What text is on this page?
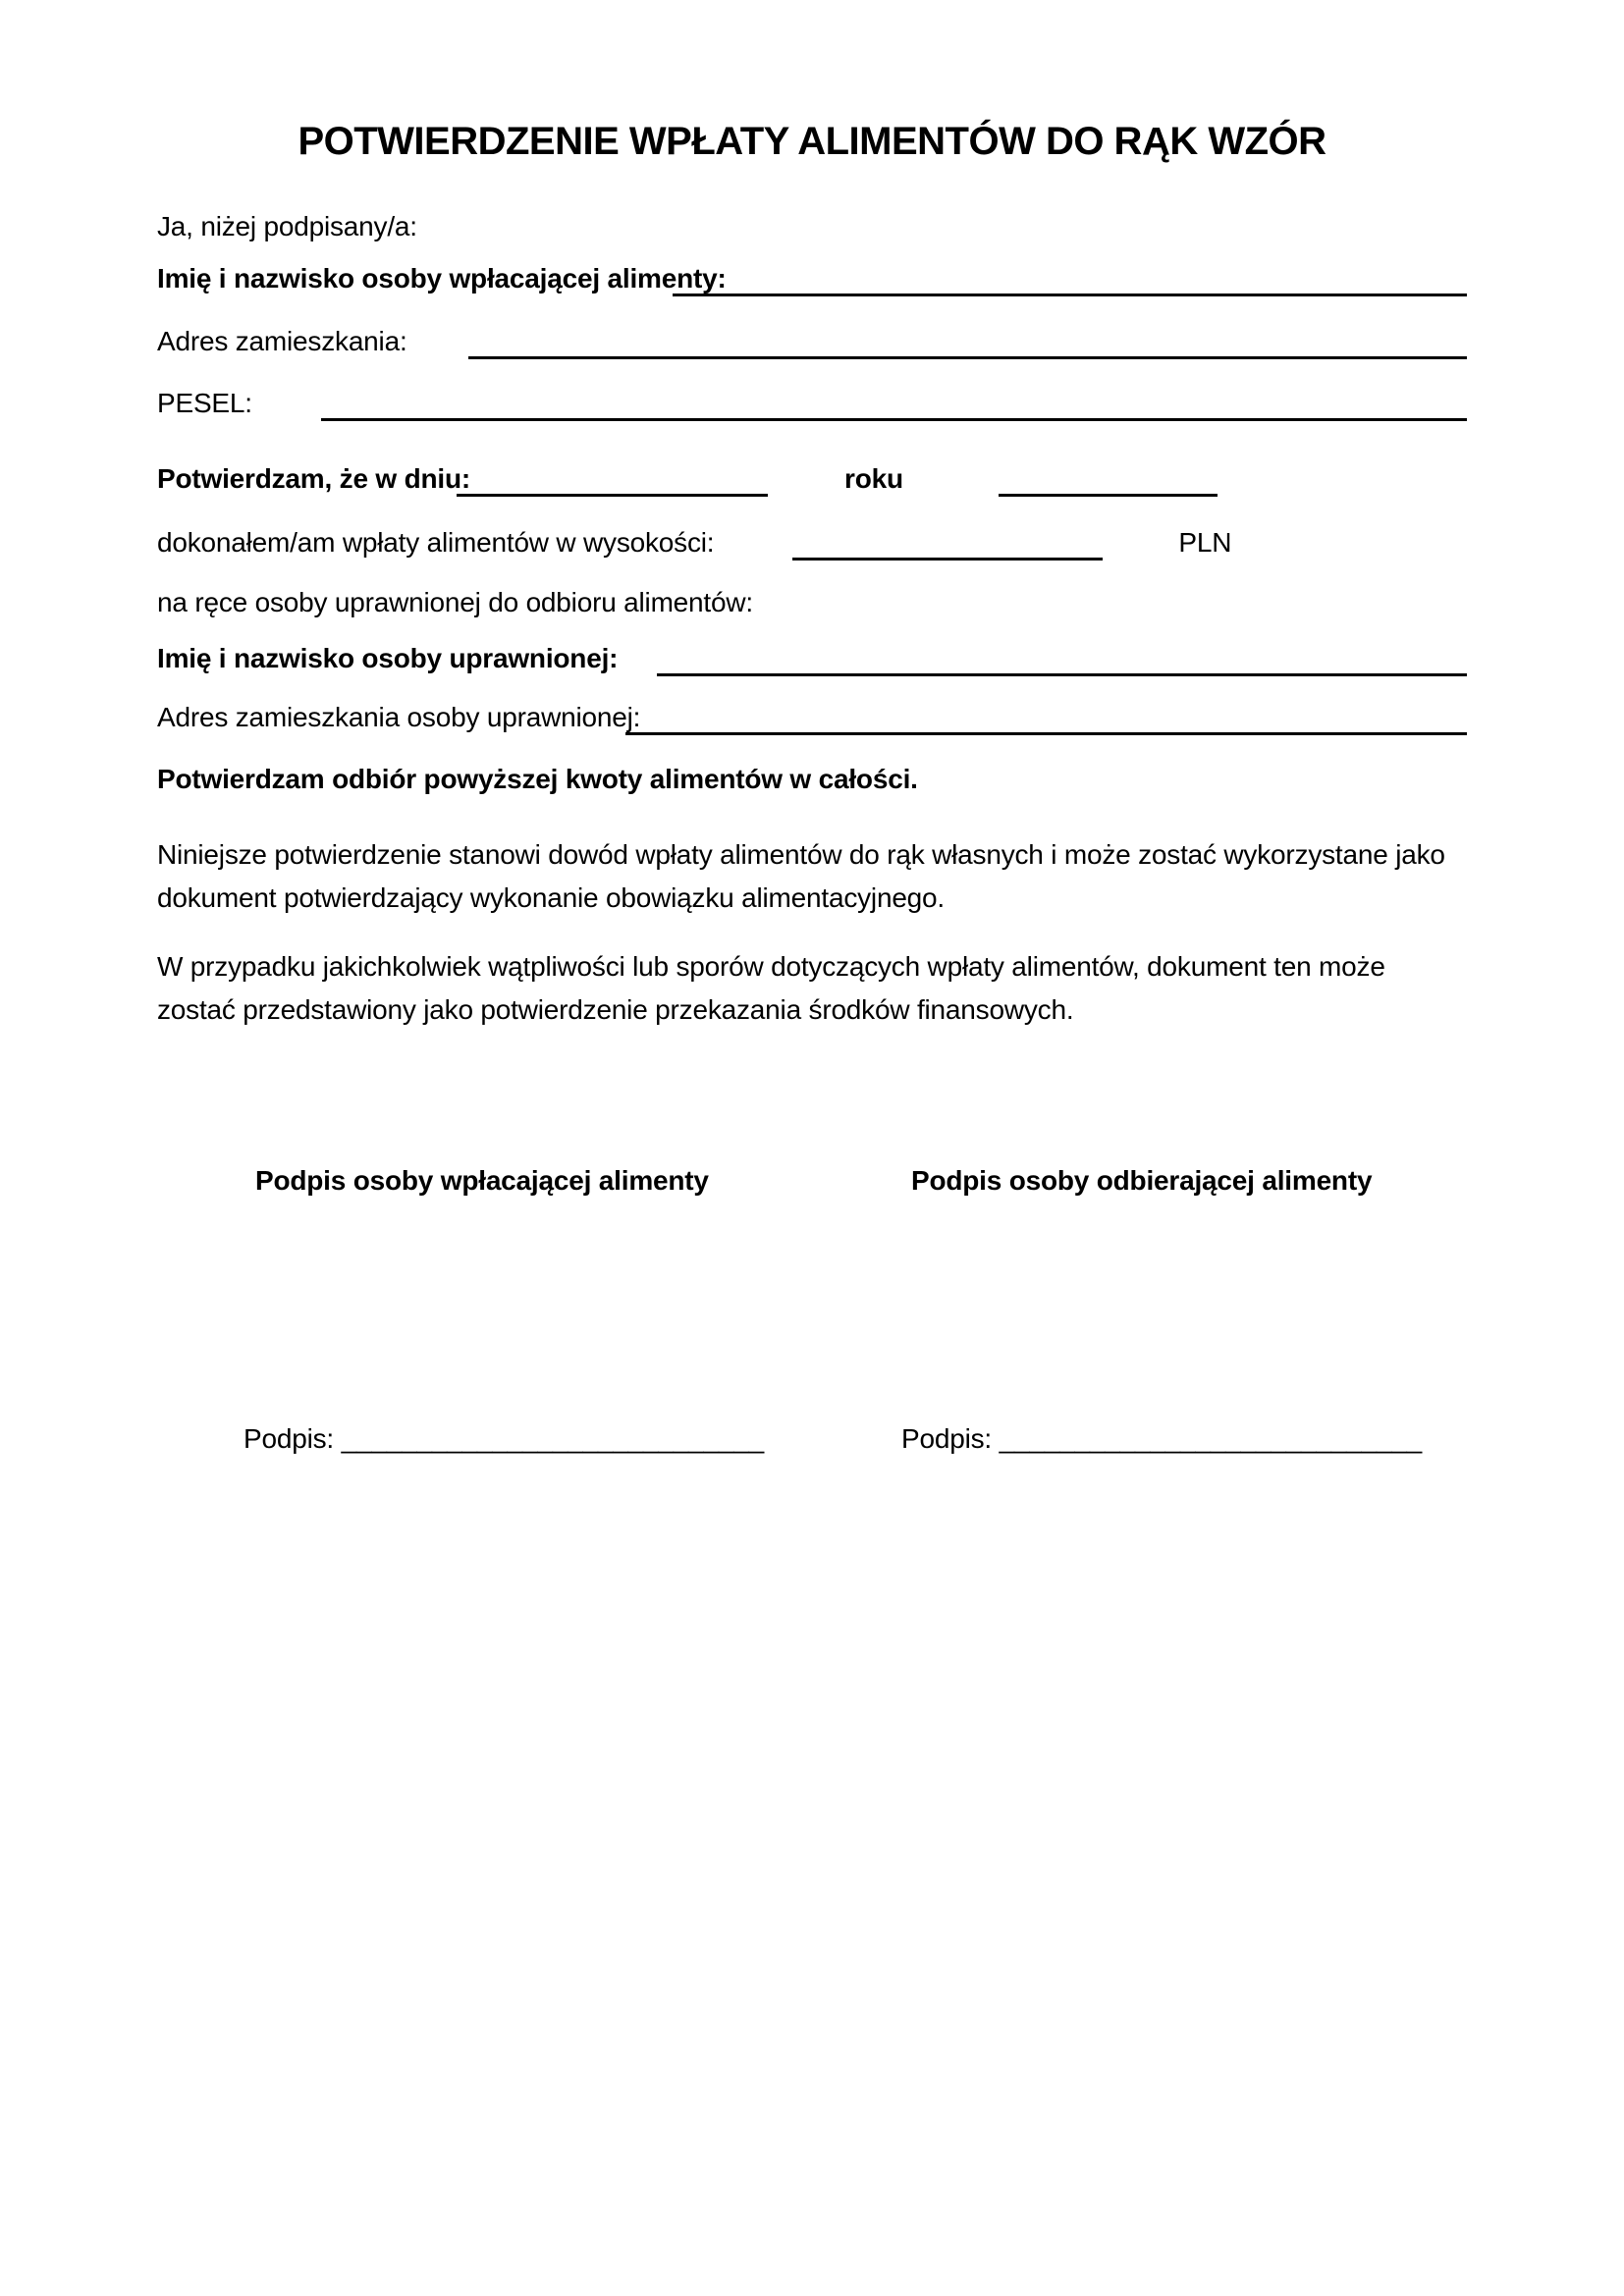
POTWIERDZENIE WPŁATY ALIMENTÓW DO RĄK WZÓR
Ja, niżej podpisany/a:
Imię i nazwisko osoby wpłacającej alimenty:
Adres zamieszkania:
PESEL:
Potwierdzam, że w dniu:	roku
dokonałem/am wpłaty alimentów w wysokości:	PLN
na ręce osoby uprawnionej do odbioru alimentów:
Imię i nazwisko osoby uprawnionej:
Adres zamieszkania osoby uprawnionej:
Potwierdzam odbiór powyższej kwoty alimentów w całości.
Niniejsze potwierdzenie stanowi dowód wpłaty alimentów do rąk własnych i może zostać wykorzystane jako
dokument potwierdzający wykonanie obowiązku alimentacyjnego.
W przypadku jakichkolwiek wątpliwości lub sporów dotyczących wpłaty alimentów, dokument ten może
zostać przedstawiony jako potwierdzenie przekazania środków finansowych.
Podpis osoby wpłacającej alimenty	Podpis osoby odbierającej alimenty
Podpis: ____________________________	Podpis: ____________________________
